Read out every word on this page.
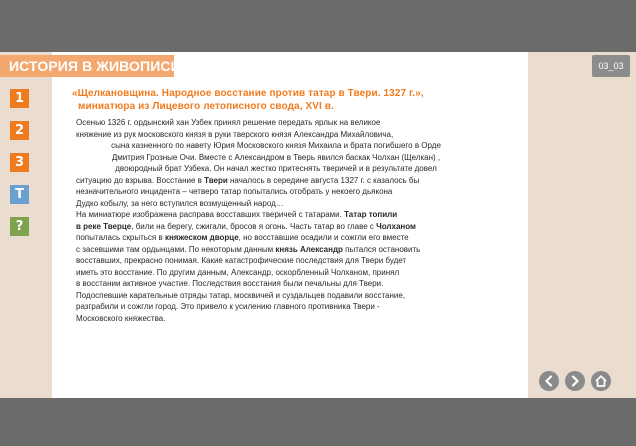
ИСТОРИЯ В ЖИВОПИСИ	03_03
1
2
3
T
?
«Щелкановщина. Народное восстание против татар в Твери. 1327 г.»,
миниатюра из Лицевого летописного свода, XVI в.
Осенью 1326 г. ордынский хан Узбек принял решение передать ярлык на великое
княжение из рук московского князя в руки тверского князя Александра Михайловича,
сына казненного по навету Юрия Московского князя Михаила и брата погибшего в Орде
Дмитрия Грозные Очи. Вместе с Александром в Тверь явился баскак Чолхан (Щелкан) ,
двоюродный брат Узбека. Он начал жестко притеснять тверичей и в результате довел
ситуацию до взрыва. Восстание в Твери началось в середине августа 1327 г. с казалось бы
незначительного инцидента – четверо татар попытались отобрать у некоего дьякона
Дудко кобылу, за него вступился возмущенный народ…
На миниатюре изображена расправа восставших тверичей с татарами. Татар топили
в реке Тверце, били на берегу, сжигали, бросов я огонь. Часть татар во главе с Чолханом
попыталась скрыться в княжеском дворце, но восставшие осадили и сожгли его вместе
с засевшими там ордынцами. По некоторым данным князь Александр пытался остановить
восставших, прекрасно понимая. Какие катастрофические последствия для Твери будет
иметь это восстание. По другим данным, Александр, оскорбленный Чолханом, принял
в восстании активное участие. Последствия восстания были печальны для Твери.
Подоспевшие карательные отряды татар, москвичей и суздальцев подавили восстание,
разграбили и сожгли город. Это привело к усилению главного противника Твери -
Московского княжества.
